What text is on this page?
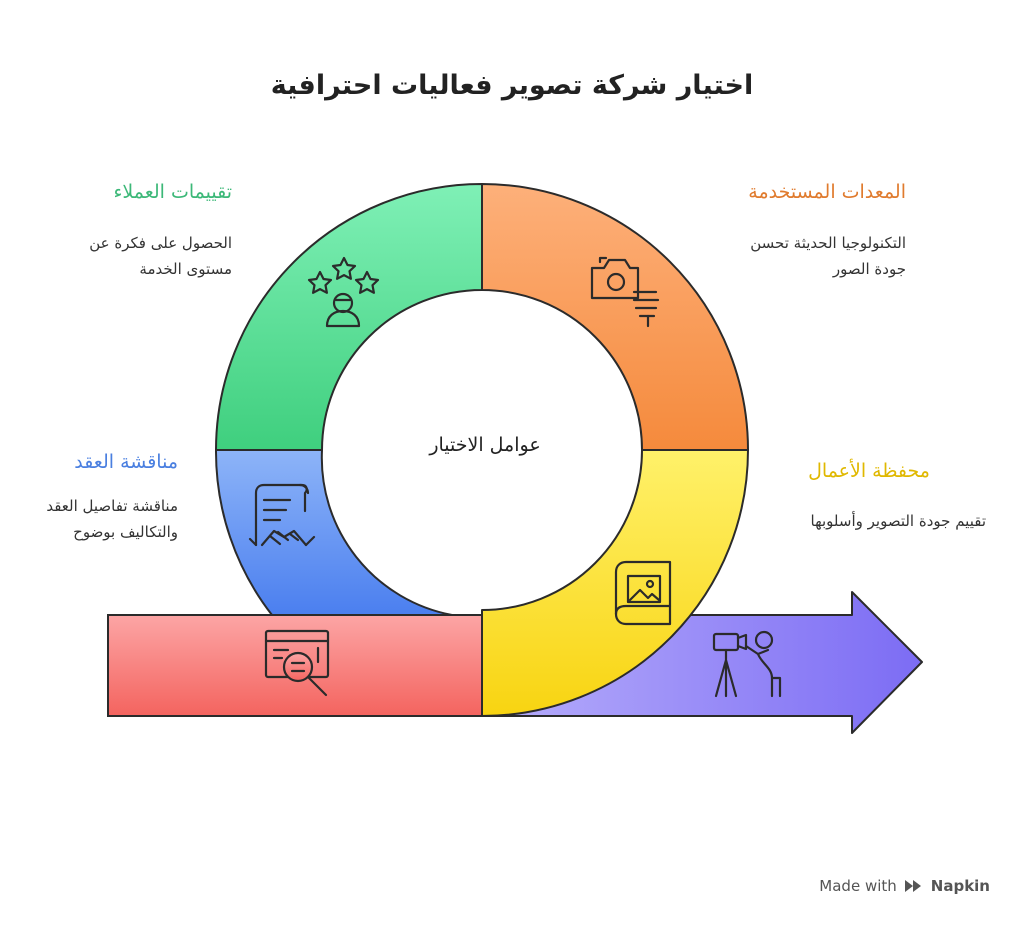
اختيار شركة تصوير فعاليات احترافية
عوامل الاختيار
تقييمات العملاء
الحصول على فكرة عن
مستوى الخدمة
المعدات المستخدمة
التكنولوجيا الحديثة تحسن
جودة الصور
مناقشة العقد
مناقشة تفاصيل العقد
والتكاليف بوضوح
محفظة الأعمال
تقييم جودة التصوير وأسلوبها
Made with Napkin
